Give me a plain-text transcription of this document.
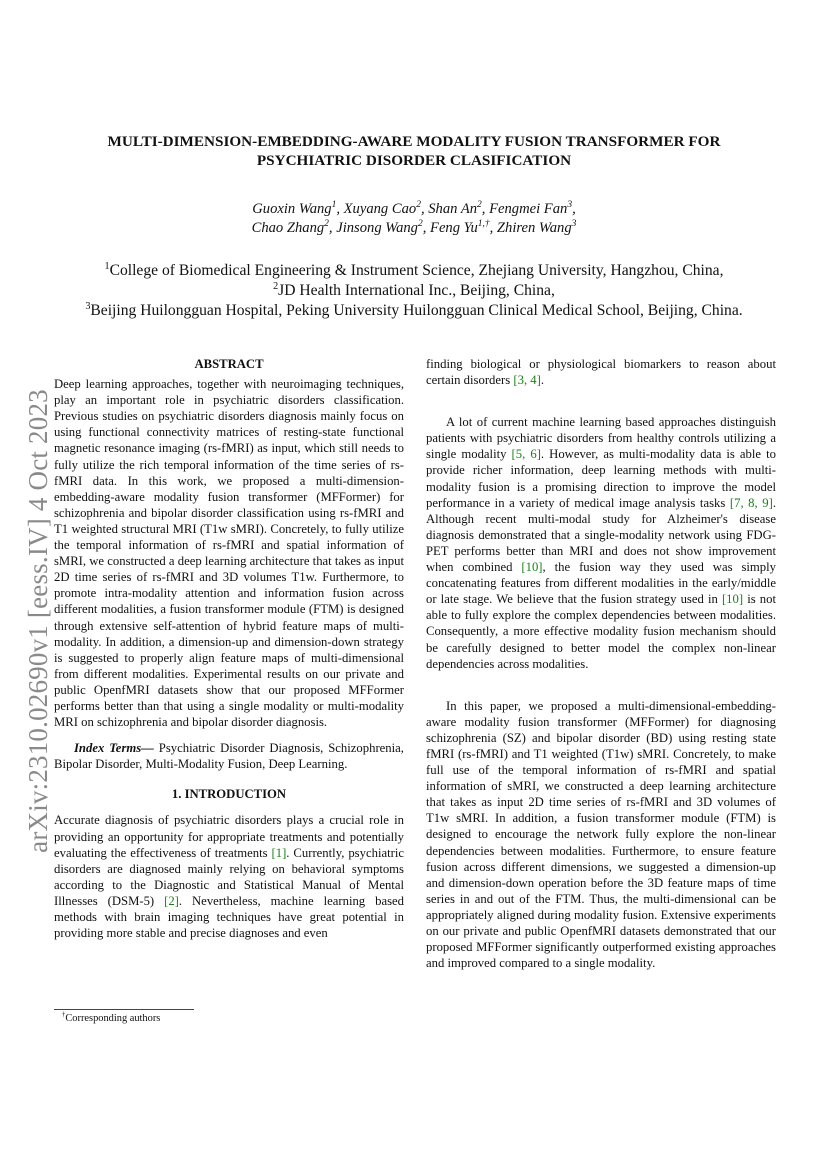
MULTI-DIMENSION-EMBEDDING-AWARE MODALITY FUSION TRANSFORMER FOR
PSYCHIATRIC DISORDER CLASIFICATION
Guoxin Wang$^1$, Xuyang Cao$^2$, Shan An$^2$, Fengmei Fan$^3$,
Chao Zhang$^2$, Jinsong Wang$^2$, Feng $Yu^{1,\dagger}$, Zhiren Wang$^3$
$^1$College of Biomedical Engineering & Instrument Science, Zhejiang University, Hangzhou, China,
$^2$JD Health International Inc., Beijing, China,
$^3$Beijing Huilongguan Hospital, Peking University Huilongguan Clinical Medical School, Beijing, China.
arXiv:2310.02690v1 [eess.IV] 4 Oct 2023
ABSTRACT

Deep learning approaches, together with neuroimaging techniques, play an important role in psychiatric disorders classification. Previous studies on psychiatric disorders diagnosis mainly focus on using functional connectivity matrices of resting-state functional magnetic resonance imaging (rs-fMRI) as input, which still needs to fully utilize the rich temporal information of the time series of rs-fMRI data. In this work, we proposed a multi-dimension-embedding-aware modality fusion transformer (MFFormer) for schizophrenia and bipolar disorder classification using rs-fMRI and T1 weighted structural MRI (T1w sMRI). Concretely, to fully utilize the temporal information of rs-fMRI and spatial information of sMRI, we constructed a deep learning architecture that takes as input 2D time series of rs-fMRI and 3D volumes T1w. Furthermore, to promote intra-modality attention and information fusion across different modalities, a fusion transformer module (FTM) is designed through extensive self-attention of hybrid feature maps of multi-modality. In addition, a dimension-up and dimension-down strategy is suggested to properly align feature maps of multi-dimensional from different modalities. Experimental results on our private and public OpenfMRI datasets show that our proposed MFFormer performs better than that using a single modality or multi-modality MRI on schizophrenia and bipolar disorder diagnosis.

Index Terms— Psychiatric Disorder Diagnosis, Schizophrenia, Bipolar Disorder, Multi-Modality Fusion, Deep Learning.

1. INTRODUCTION

Accurate diagnosis of psychiatric disorders plays a crucial role in providing an opportunity for appropriate treatments and potentially evaluating the effectiveness of treatments [1]. Currently, psychiatric disorders are diagnosed mainly relying on behavioral symptoms according to the Diagnostic and Statistical Manual of Mental Illnesses (DSM-5) [2]. Nevertheless, machine learning based methods with brain imaging techniques have great potential in providing more stable and precise diagnoses and even

finding biological or physiological biomarkers to reason about certain disorders [3, 4].

A lot of current machine learning based approaches distinguish patients with psychiatric disorders from healthy controls utilizing a single modality [5, 6]. However, as multi-modality data is able to provide richer information, deep learning methods with multi-modality fusion is a promising direction to improve the model performance in a variety of medical image analysis tasks [7, 8, 9]. Although recent multi-modal study for Alzheimer's disease diagnosis demonstrated that a single-modality network using FDG-PET performs better than MRI and does not show improvement when combined [10], the fusion way they used was simply concatenating features from different modalities in the early/middle or late stage. We believe that the fusion strategy used in [10] is not able to fully explore the complex dependencies between modalities. Consequently, a more effective modality fusion mechanism should be carefully designed to better model the complex non-linear dependencies across modalities.

In this paper, we proposed a multi-dimensional-embedding-aware modality fusion transformer (MFFormer) for diagnosing schizophrenia (SZ) and bipolar disorder (BD) using resting state fMRI (rs-fMRI) and T1 weighted (T1w) sMRI. Concretely, to make full use of the temporal information of rs-fMRI and spatial information of sMRI, we constructed a deep learning architecture that takes as input 2D time series of rs-fMRI and 3D volumes of T1w sMRI. In addition, a fusion transformer module (FTM) is designed to encourage the network fully explore the non-linear dependencies between modalities. Furthermore, to ensure feature fusion across different dimensions, we suggested a dimension-up and dimension-down operation before the 3D feature maps of time series in and out of the FTM. Thus, the multi-dimensional can be appropriately aligned during modality fusion. Extensive experiments on our private and public OpenfMRI datasets demonstrated that our proposed MFFormer significantly outperformed existing approaches and improved compared to a single modality.

†Corresponding authors
